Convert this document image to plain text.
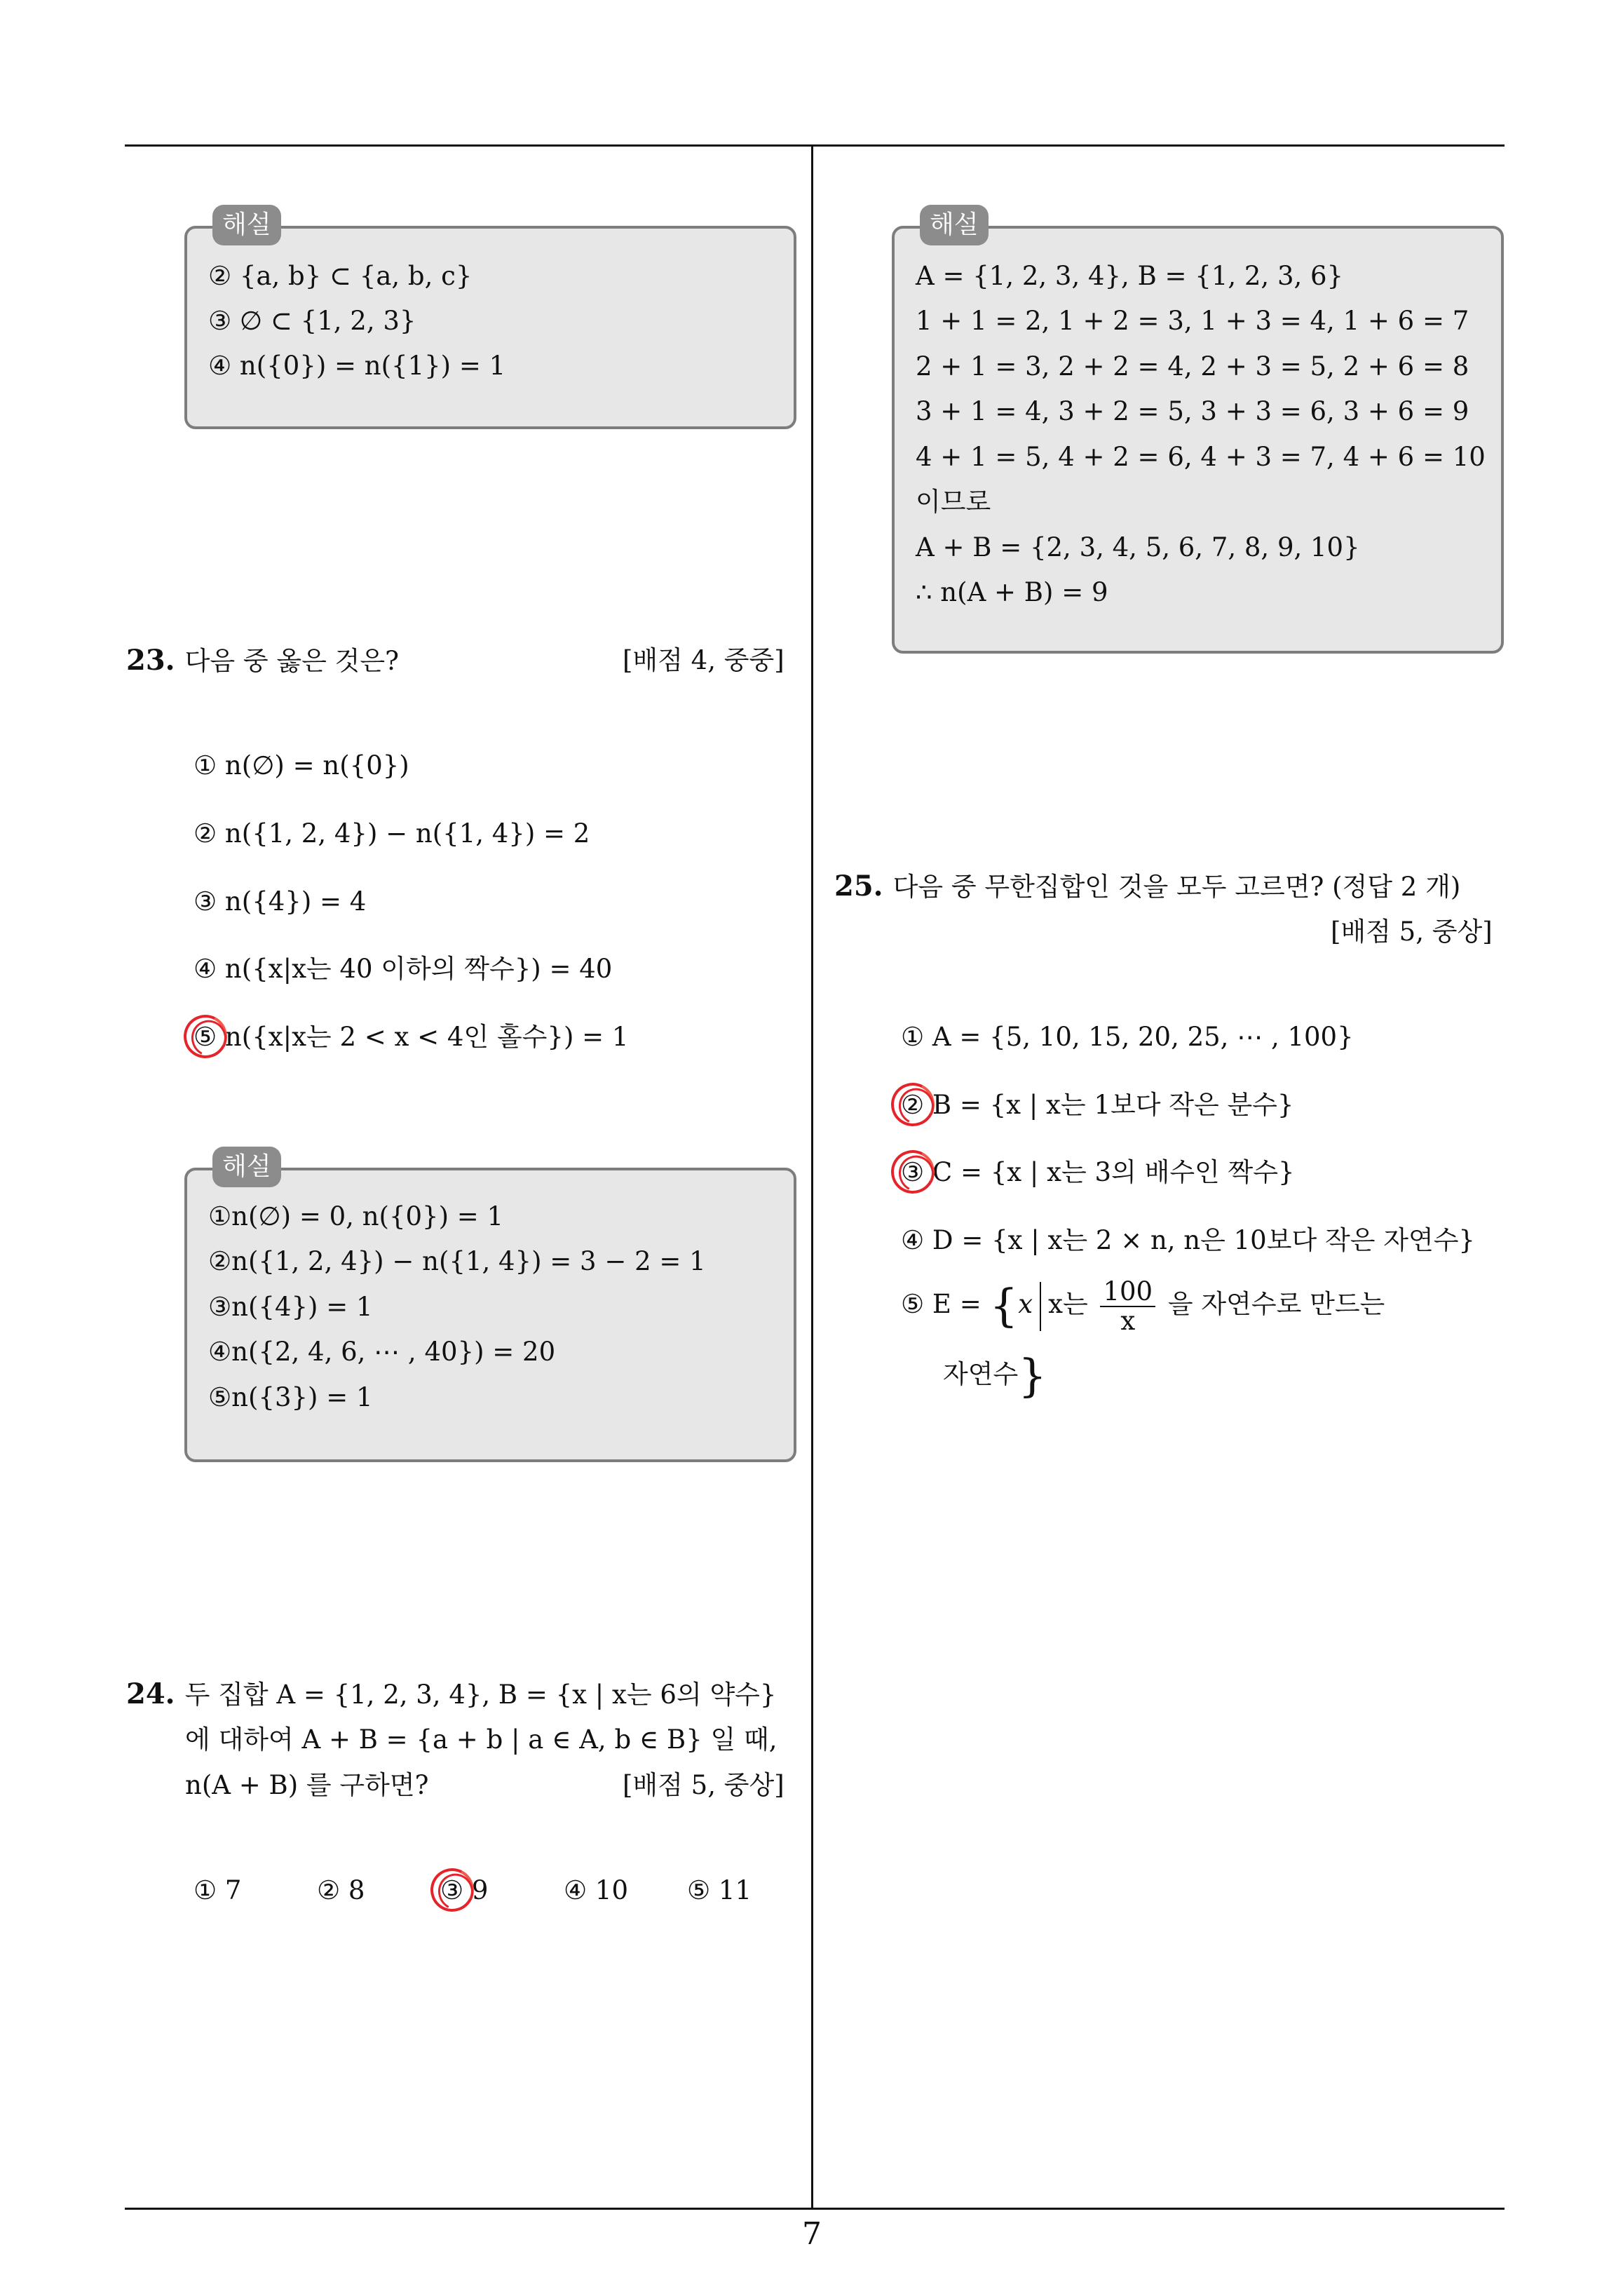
해설
② {a, b} ⊂ {a, b, c}
③ ∅ ⊂ {1, 2, 3}
④ n({0}) = n({1}) = 1
23. 다음 중 옳은 것은?	[배점 4, 중중]
① n(∅) = n({0})
② n({1, 2, 4}) − n({1, 4}) = 2
③ n({4}) = 4
④ n({x|x는 40 이하의 짝수}) = 40
⑤ n({x|x는 2 < x < 4인 홀수}) = 1
해설
①n(∅) = 0, n({0}) = 1
②n({1, 2, 4}) − n({1, 4}) = 3 − 2 = 1
③n({4}) = 1
④n({2, 4, 6, ⋯ , 40}) = 20
⑤n({3}) = 1
24. 두 집합 A = {1, 2, 3, 4}, B = {x | x는 6의 약수}
에 대하여 A + B = {a + b | a ∈ A, b ∈ B} 일 때,
n(A + B) 를 구하면?	[배점 5, 중상]
① 7	② 8	③ 9	④ 10 ⑤ 11
해설
A = {1, 2, 3, 4}, B = {1, 2, 3, 6}
1 + 1 = 2, 1 + 2 = 3, 1 + 3 = 4, 1 + 6 = 7
2 + 1 = 3, 2 + 2 = 4, 2 + 3 = 5, 2 + 6 = 8
3 + 1 = 4, 3 + 2 = 5, 3 + 3 = 6, 3 + 6 = 9
4 + 1 = 5, 4 + 2 = 6, 4 + 3 = 7, 4 + 6 = 10
이므로
A + B = {2, 3, 4, 5, 6, 7, 8, 9, 10}
∴ n(A + B) = 9
25. 다음 중 무한집합인 것을 모두 고르면? (정답 2 개)
[배점 5, 중상]
① A = {5, 10, 15, 20, 25, ⋯ , 100}
② B = {x | x는 1보다 작은 분수}
③ C = {x | x는 3의 배수인 짝수}
④ D = {x | x는 2 × n, n은 10보다 작은 자연수}
⑤ E = {x x는 $\frac{100}{x}$ 을 자연수로 만드는
자연수}
7
